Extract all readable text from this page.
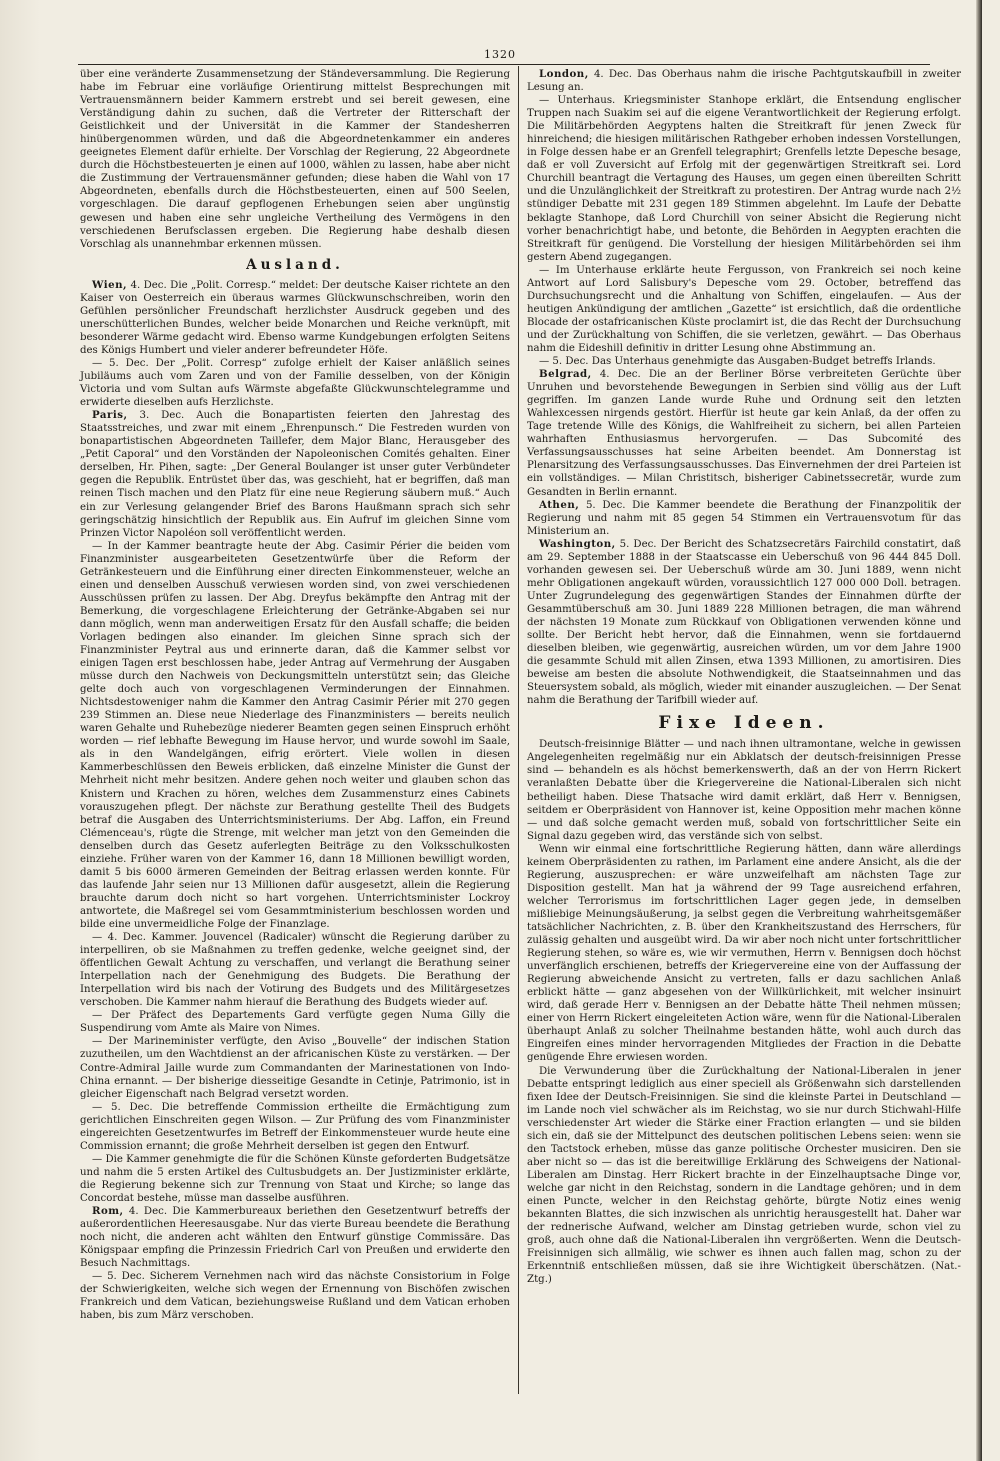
1320

über eine veränderte Zusammensetzung der Ständeversammlung. Die Regierung habe im Februar eine vorläufige Orientirung mittelst Besprechungen mit Vertrauensmännern beider Kammern erstrebt und sei bereit gewesen, eine Verständigung dahin zu suchen, daß die Vertreter der Ritterschaft der Geistlichkeit und der Universität in die Kammer der Standesherren hinübergenommen würden, und daß die Abgeordnetenkammer ein anderes geeignetes Element dafür erhielte. Der Vorschlag der Regierung, 22 Abgeordnete durch die Höchstbesteuerten je einen auf 1000, wählen zu lassen, habe aber nicht die Zustimmung der Vertrauensmänner gefunden; diese haben die Wahl von 17 Abgeordneten, ebenfalls durch die Höchstbesteuerten, einen auf 500 Seelen, vorgeschlagen. Die darauf gepflogenen Erhebungen seien aber ungünstig gewesen und haben eine sehr ungleiche Vertheilung des Vermögens in den verschiedenen Berufsclassen ergeben. Die Regierung habe deshalb diesen Vorschlag als unannehmbar erkennen müssen.

Ausland.

Wien, 4. Dec. Die „Polit. Corresp.“ meldet: Der deutsche Kaiser richtete an den Kaiser von Oesterreich ein überaus warmes Glückwunschschreiben, worin den Gefühlen persönlicher Freundschaft herzlichster Ausdruck gegeben und des unerschütterlichen Bundes, welcher beide Monarchen und Reiche verknüpft, mit besonderer Wärme gedacht wird. Ebenso warme Kundgebungen erfolgten Seitens des Königs Humbert und vieler anderer befreundeter Höfe.

— 5. Dec. Der „Polit. Corresp“ zufolge erhielt der Kaiser anläßlich seines Jubiläums auch vom Zaren und von der Familie desselben, von der Königin Victoria und vom Sultan aufs Wärmste abgefaßte Glückwunschtelegramme und erwiderte dieselben aufs Herzlichste.

Paris, 3. Dec. Auch die Bonapartisten feierten den Jahrestag des Staatsstreiches, und zwar mit einem „Ehrenpunsch.“ Die Festreden wurden von bonapartistischen Abgeordneten Taillefer, dem Major Blanc, Herausgeber des „Petit Caporal“ und den Vorständen der Napoleonischen Comités gehalten. Einer derselben, Hr. Pihen, sagte: „Der General Boulanger ist unser guter Verbündeter gegen die Republik. Entrüstet über das, was geschieht, hat er begriffen, daß man reinen Tisch machen und den Platz für eine neue Regierung säubern muß.“ Auch ein zur Verlesung gelangender Brief des Barons Haußmann sprach sich sehr geringschätzig hinsichtlich der Republik aus. Ein Aufruf im gleichen Sinne vom Prinzen Victor Napoléon soll veröffentlicht werden.

— In der Kammer beantragte heute der Abg. Casimir Périer die beiden vom Finanzminister ausgearbeiteten Gesetzentwürfe über die Reform der Getränkesteuern und die Einführung einer directen Einkommensteuer, welche an einen und denselben Ausschuß verwiesen worden sind, von zwei verschiedenen Ausschüssen prüfen zu lassen. Der Abg. Dreyfus bekämpfte den Antrag mit der Bemerkung, die vorgeschlagene Erleichterung der Getränke-Abgaben sei nur dann möglich, wenn man anderweitigen Ersatz für den Ausfall schaffe; die beiden Vorlagen bedingen also einander. Im gleichen Sinne sprach sich der Finanzminister Peytral aus und erinnerte daran, daß die Kammer selbst vor einigen Tagen erst beschlossen habe, jeder Antrag auf Vermehrung der Ausgaben müsse durch den Nachweis von Deckungsmitteln unterstützt sein; das Gleiche gelte doch auch von vorgeschlagenen Verminderungen der Einnahmen. Nichtsdestoweniger nahm die Kammer den Antrag Casimir Périer mit 270 gegen 239 Stimmen an. Diese neue Niederlage des Finanzministers — bereits neulich waren Gehalte und Ruhebezüge niederer Beamten gegen seinen Einspruch erhöht worden — rief lebhafte Bewegung im Hause hervor, und wurde sowohl im Saale, als in den Wandelgängen, eifrig erörtert. Viele wollen in diesen Kammerbeschlüssen den Beweis erblicken, daß einzelne Minister die Gunst der Mehrheit nicht mehr besitzen. Andere gehen noch weiter und glauben schon das Knistern und Krachen zu hören, welches dem Zusammensturz eines Cabinets vorauszugehen pflegt. Der nächste zur Berathung gestellte Theil des Budgets betraf die Ausgaben des Unterrichtsministeriums. Der Abg. Laffon, ein Freund Clémenceau's, rügte die Strenge, mit welcher man jetzt von den Gemeinden die denselben durch das Gesetz auferlegten Beiträge zu den Volksschulkosten einziehe. Früher waren von der Kammer 16, dann 18 Millionen bewilligt worden, damit 5 bis 6000 ärmeren Gemeinden der Beitrag erlassen werden konnte. Für das laufende Jahr seien nur 13 Millionen dafür ausgesetzt, allein die Regierung brauchte darum doch nicht so hart vorgehen. Unterrichtsminister Lockroy antwortete, die Maßregel sei vom Gesammtministerium beschlossen worden und bilde eine unvermeidliche Folge der Finanzlage.

— 4. Dec. Kammer. Jouvencel (Radicaler) wünscht die Regierung darüber zu interpelliren, ob sie Maßnahmen zu treffen gedenke, welche geeignet sind, der öffentlichen Gewalt Achtung zu verschaffen, und verlangt die Berathung seiner Interpellation nach der Genehmigung des Budgets. Die Berathung der Interpellation wird bis nach der Votirung des Budgets und des Militärgesetzes verschoben. Die Kammer nahm hierauf die Berathung des Budgets wieder auf.

— Der Präfect des Departements Gard verfügte gegen Numa Gilly die Suspendirung vom Amte als Maire von Nimes.

— Der Marineminister verfügte, den Aviso „Bouvelle“ der indischen Station zuzutheilen, um den Wachtdienst an der africanischen Küste zu verstärken. — Der Contre-Admiral Jaille wurde zum Commandanten der Marinestationen von Indo-China ernannt. — Der bisherige diesseitige Gesandte in Cetinje, Patrimonio, ist in gleicher Eigenschaft nach Belgrad versetzt worden.

— 5. Dec. Die betreffende Commission ertheilte die Ermächtigung zum gerichtlichen Einschreiten gegen Wilson. — Zur Prüfung des vom Finanzminister eingereichten Gesetzentwurfes im Betreff der Einkommensteuer wurde heute eine Commission ernannt; die große Mehrheit derselben ist gegen den Entwurf.

— Die Kammer genehmigte die für die Schönen Künste geforderten Budgetsätze und nahm die 5 ersten Artikel des Cultusbudgets an. Der Justizminister erklärte, die Regierung bekenne sich zur Trennung von Staat und Kirche; so lange das Concordat bestehe, müsse man dasselbe ausführen.

Rom, 4. Dec. Die Kammerbureaux beriethen den Gesetzentwurf betreffs der außerordentlichen Heeresausgabe. Nur das vierte Bureau beendete die Berathung noch nicht, die anderen acht wählten den Entwurf günstige Commissäre. Das Königspaar empfing die Prinzessin Friedrich Carl von Preußen und erwiderte den Besuch Nachmittags.

— 5. Dec. Sicherem Vernehmen nach wird das nächste Consistorium in Folge der Schwierigkeiten, welche sich wegen der Ernennung von Bischöfen zwischen Frankreich und dem Vatican, beziehungsweise Rußland und dem Vatican erhoben haben, bis zum März verschoben.

London, 4. Dec. Das Oberhaus nahm die irische Pachtgutskaufbill in zweiter Lesung an.

— Unterhaus. Kriegsminister Stanhope erklärt, die Entsendung englischer Truppen nach Suakim sei auf die eigene Verantwortlichkeit der Regierung erfolgt. Die Militärbehörden Aegyptens halten die Streitkraft für jenen Zweck für hinreichend; die hiesigen militärischen Rathgeber erhoben indessen Vorstellungen, in Folge dessen habe er an Grenfell telegraphirt; Grenfells letzte Depesche besage, daß er voll Zuversicht auf Erfolg mit der gegenwärtigen Streitkraft sei. Lord Churchill beantragt die Vertagung des Hauses, um gegen einen übereilten Schritt und die Unzulänglichkeit der Streitkraft zu protestiren. Der Antrag wurde nach 2½ stündiger Debatte mit 231 gegen 189 Stimmen abgelehnt. Im Laufe der Debatte beklagte Stanhope, daß Lord Churchill von seiner Absicht die Regierung nicht vorher benachrichtigt habe, und betonte, die Behörden in Aegypten erachten die Streitkraft für genügend. Die Vorstellung der hiesigen Militärbehörden sei ihm gestern Abend zugegangen.

— Im Unterhause erklärte heute Fergusson, von Frankreich sei noch keine Antwort auf Lord Salisbury's Depesche vom 29. October, betreffend das Durchsuchungsrecht und die Anhaltung von Schiffen, eingelaufen. — Aus der heutigen Ankündigung der amtlichen „Gazette“ ist ersichtlich, daß die ordentliche Blocade der ostafricanischen Küste proclamirt ist, die das Recht der Durchsuchung und der Zurückhaltung von Schiffen, die sie verletzen, gewährt. — Das Oberhaus nahm die Eideshill definitiv in dritter Lesung ohne Abstimmung an.

— 5. Dec. Das Unterhaus genehmigte das Ausgaben-Budget betreffs Irlands.

Belgrad, 4. Dec. Die an der Berliner Börse verbreiteten Gerüchte über Unruhen und bevorstehende Bewegungen in Serbien sind völlig aus der Luft gegriffen. Im ganzen Lande wurde Ruhe und Ordnung seit den letzten Wahlexcessen nirgends gestört. Hierfür ist heute gar kein Anlaß, da der offen zu Tage tretende Wille des Königs, die Wahlfreiheit zu sichern, bei allen Parteien wahrhaften Enthusiasmus hervorgerufen. — Das Subcomité des Verfassungsausschusses hat seine Arbeiten beendet. Am Donnerstag ist Plenarsitzung des Verfassungsausschusses. Das Einvernehmen der drei Parteien ist ein vollständiges. — Milan Christitsch, bisheriger Cabinetssecretär, wurde zum Gesandten in Berlin ernannt.

Athen, 5. Dec. Die Kammer beendete die Berathung der Finanzpolitik der Regierung und nahm mit 85 gegen 54 Stimmen ein Vertrauensvotum für das Ministerium an.

Washington, 5. Dec. Der Bericht des Schatzsecretärs Fairchild constatirt, daß am 29. September 1888 in der Staatscasse ein Ueberschuß von 96 444 845 Doll. vorhanden gewesen sei. Der Ueberschuß würde am 30. Juni 1889, wenn nicht mehr Obligationen angekauft würden, voraussichtlich 127 000 000 Doll. betragen. Unter Zugrundelegung des gegenwärtigen Standes der Einnahmen dürfte der Gesammtüberschuß am 30. Juni 1889 228 Millionen betragen, die man während der nächsten 19 Monate zum Rückkauf von Obligationen verwenden könne und sollte. Der Bericht hebt hervor, daß die Einnahmen, wenn sie fortdauernd dieselben bleiben, wie gegenwärtig, ausreichen würden, um vor dem Jahre 1900 die gesammte Schuld mit allen Zinsen, etwa 1393 Millionen, zu amortisiren. Dies beweise am besten die absolute Nothwendigkeit, die Staatseinnahmen und das Steuersystem sobald, als möglich, wieder mit einander auszugleichen. — Der Senat nahm die Berathung der Tarifbill wieder auf.

Fixe Ideen.

Deutsch-freisinnige Blätter — und nach ihnen ultramontane, welche in gewissen Angelegenheiten regelmäßig nur ein Abklatsch der deutsch-freisinnigen Presse sind — behandeln es als höchst bemerkenswerth, daß an der von Herrn Rickert veranlaßten Debatte über die Kriegervereine die National-Liberalen sich nicht betheiligt haben. Diese Thatsache wird damit erklärt, daß Herr v. Bennigsen, seitdem er Oberpräsident von Hannover ist, keine Opposition mehr machen könne — und daß solche gemacht werden muß, sobald von fortschrittlicher Seite ein Signal dazu gegeben wird, das verstände sich von selbst.

Wenn wir einmal eine fortschrittliche Regierung hätten, dann wäre allerdings keinem Oberpräsidenten zu rathen, im Parlament eine andere Ansicht, als die der Regierung, auszusprechen: er wäre unzweifelhaft am nächsten Tage zur Disposition gestellt. Man hat ja während der 99 Tage ausreichend erfahren, welcher Terrorismus im fortschrittlichen Lager gegen jede, in demselben mißliebige Meinungsäußerung, ja selbst gegen die Verbreitung wahrheitsgemäßer tatsächlicher Nachrichten, z. B. über den Krankheitszustand des Herrschers, für zulässig gehalten und ausgeübt wird. Da wir aber noch nicht unter fortschrittlicher Regierung stehen, so wäre es, wie wir vermuthen, Herrn v. Bennigsen doch höchst unverfänglich erschienen, betreffs der Kriegervereine eine von der Auffassung der Regierung abweichende Ansicht zu vertreten, falls er dazu sachlichen Anlaß erblickt hätte — ganz abgesehen von der Willkürlichkeit, mit welcher insinuirt wird, daß gerade Herr v. Bennigsen an der Debatte hätte Theil nehmen müssen; einer von Herrn Rickert eingeleiteten Action wäre, wenn für die National-Liberalen überhaupt Anlaß zu solcher Theilnahme bestanden hätte, wohl auch durch das Eingreifen eines minder hervorragenden Mitgliedes der Fraction in die Debatte genügende Ehre erwiesen worden.

Die Verwunderung über die Zurückhaltung der National-Liberalen in jener Debatte entspringt lediglich aus einer speciell als Größenwahn sich darstellenden fixen Idee der Deutsch-Freisinnigen. Sie sind die kleinste Partei in Deutschland — im Lande noch viel schwächer als im Reichstag, wo sie nur durch Stichwahl-Hilfe verschiedenster Art wieder die Stärke einer Fraction erlangten — und sie bilden sich ein, daß sie der Mittelpunct des deutschen politischen Lebens seien: wenn sie den Tactstock erheben, müsse das ganze politische Orchester musiciren. Den sie aber nicht so — das ist die bereitwillige Erklärung des Schweigens der National-Liberalen am Dinstag. Herr Rickert brachte in der Einzelhauptsache Dinge vor, welche gar nicht in den Reichstag, sondern in die Landtage gehören; und in dem einen Puncte, welcher in den Reichstag gehörte, bürgte Notiz eines wenig bekannten Blattes, die sich inzwischen als unrichtig herausgestellt hat. Daher war der rednerische Aufwand, welcher am Dinstag getrieben wurde, schon viel zu groß, auch ohne daß die National-Liberalen ihn vergrößerten. Wenn die Deutsch-Freisinnigen sich allmälig, wie schwer es ihnen auch fallen mag, schon zu der Erkenntniß entschließen müssen, daß sie ihre Wichtigkeit überschätzen. (Nat.-Ztg.)
